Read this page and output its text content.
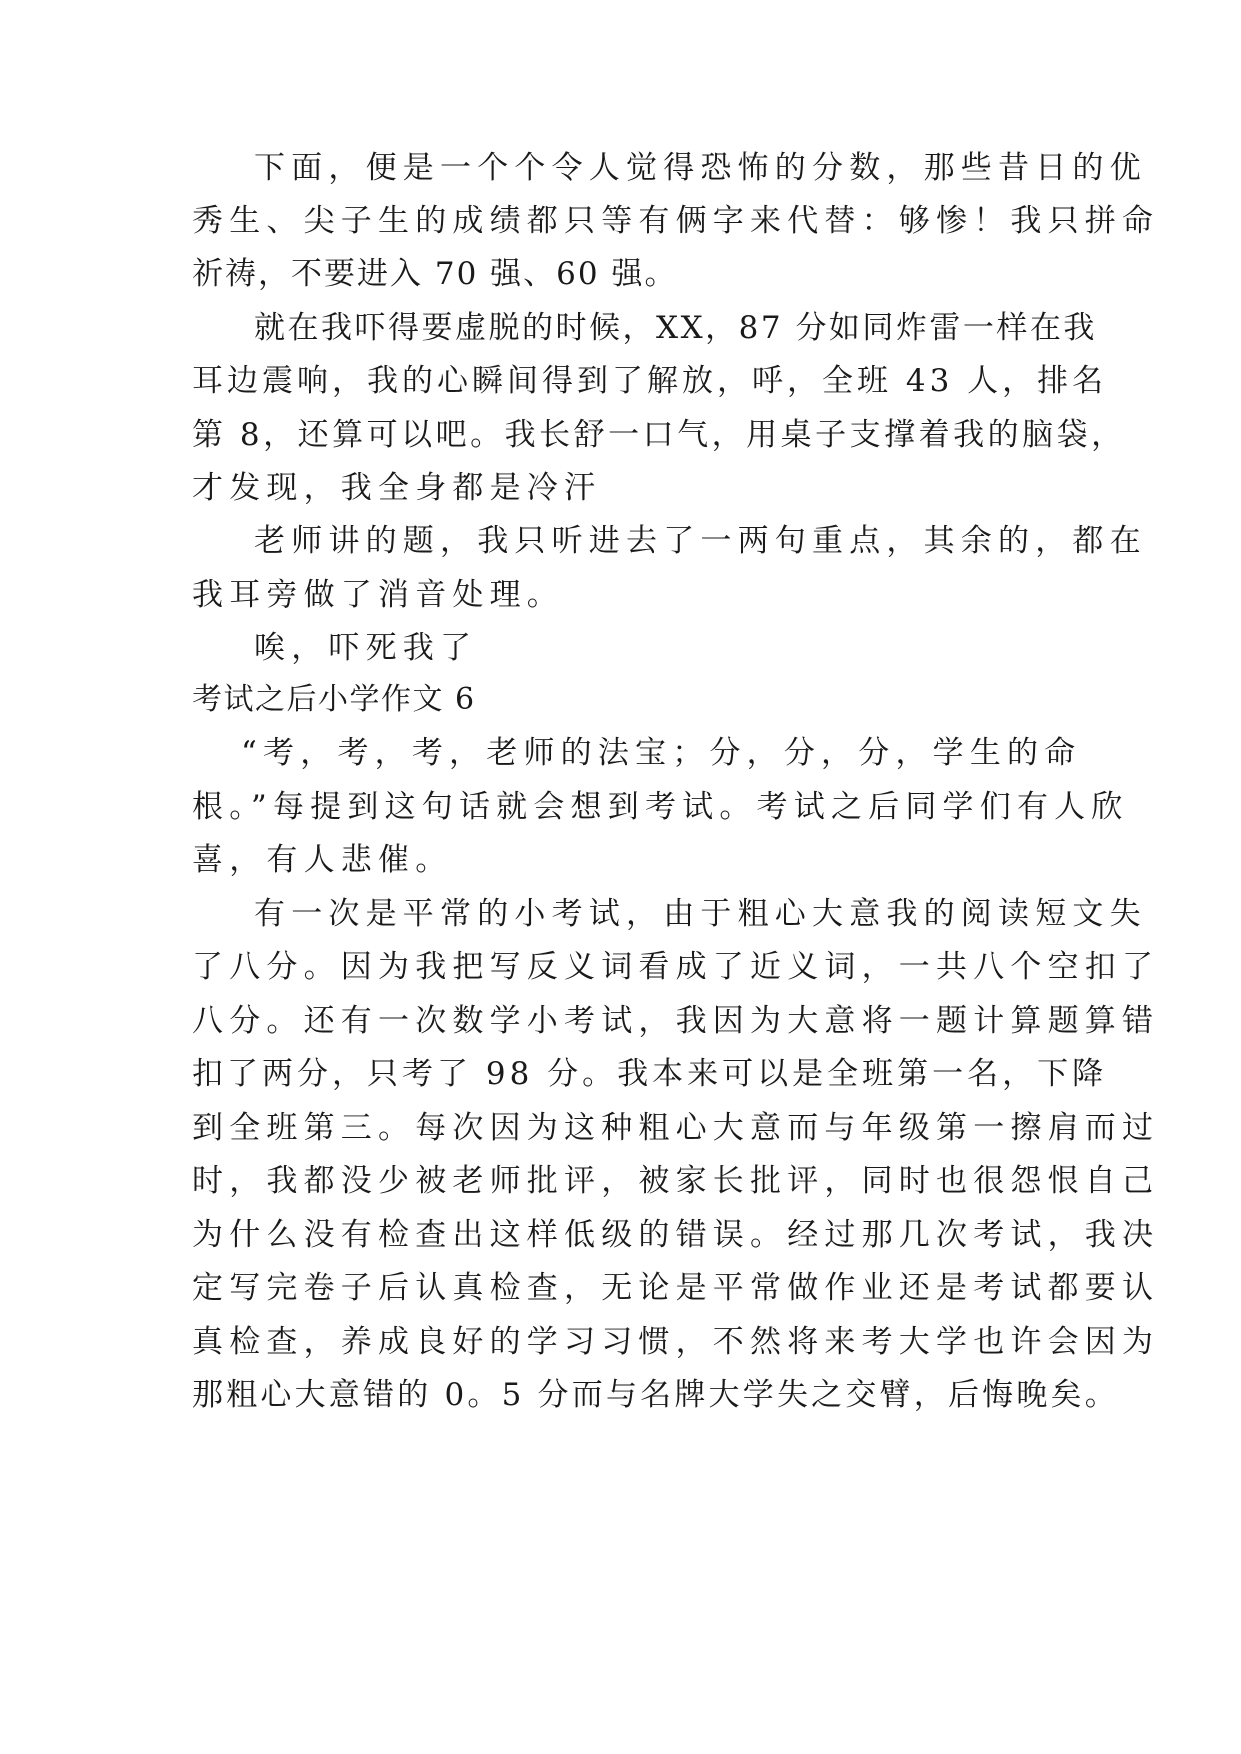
下面，便是一个个令人觉得恐怖的分数，那些昔日的优
秀生、尖子生的成绩都只等有俩字来代替：够惨！我只拼命
祈祷，不要进入 70 强、60 强。
就在我吓得要虚脱的时候，XX，87 分如同炸雷一样在我
耳边震响，我的心瞬间得到了解放，呼，全班 43 人，排名
第 8，还算可以吧。我长舒一口气，用桌子支撑着我的脑袋，
才发现，我全身都是冷汗
老师讲的题，我只听进去了一两句重点，其余的，都在
我耳旁做了消音处理。
唉，吓死我了
考试之后小学作文 6
“考，考，考，老师的法宝；分，分，分，学生的命
根。”每提到这句话就会想到考试。考试之后同学们有人欣
喜，有人悲催。
有一次是平常的小考试，由于粗心大意我的阅读短文失
了八分。因为我把写反义词看成了近义词，一共八个空扣了
八分。还有一次数学小考试，我因为大意将一题计算题算错
扣了两分，只考了 98 分。我本来可以是全班第一名，下降
到全班第三。每次因为这种粗心大意而与年级第一擦肩而过
时，我都没少被老师批评，被家长批评，同时也很怨恨自己
为什么没有检查出这样低级的错误。经过那几次考试，我决
定写完卷子后认真检查，无论是平常做作业还是考试都要认
真检查，养成良好的学习习惯，不然将来考大学也许会因为
那粗心大意错的 0。5 分而与名牌大学失之交臂，后悔晚矣。
